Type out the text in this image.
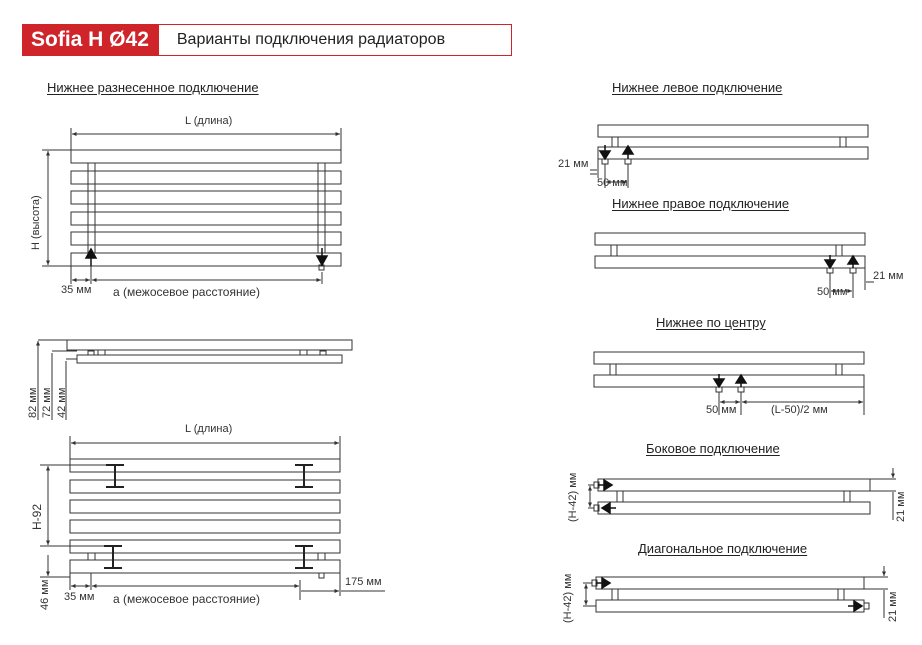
Sofia H Ø42	Варианты подключения радиаторов
Нижнее разнесенное подключение
L (длина)
H (высота)
35 мм a (межосевое расстояние)
82 мм 72 мм 42 мм
L (длина)
H-92
46 мм 35 мм a (межосевое расстояние)
175 мм
Нижнее левое подключение
21 мм
50 мм
Нижнее правое подключение
21 мм
50 мм
Нижнее по центру
50 мм	(L-50)/2 мм
Боковое подключение
(H-42) мм	21 мм
Диагональное подключение
(H-42) мм	21 мм
